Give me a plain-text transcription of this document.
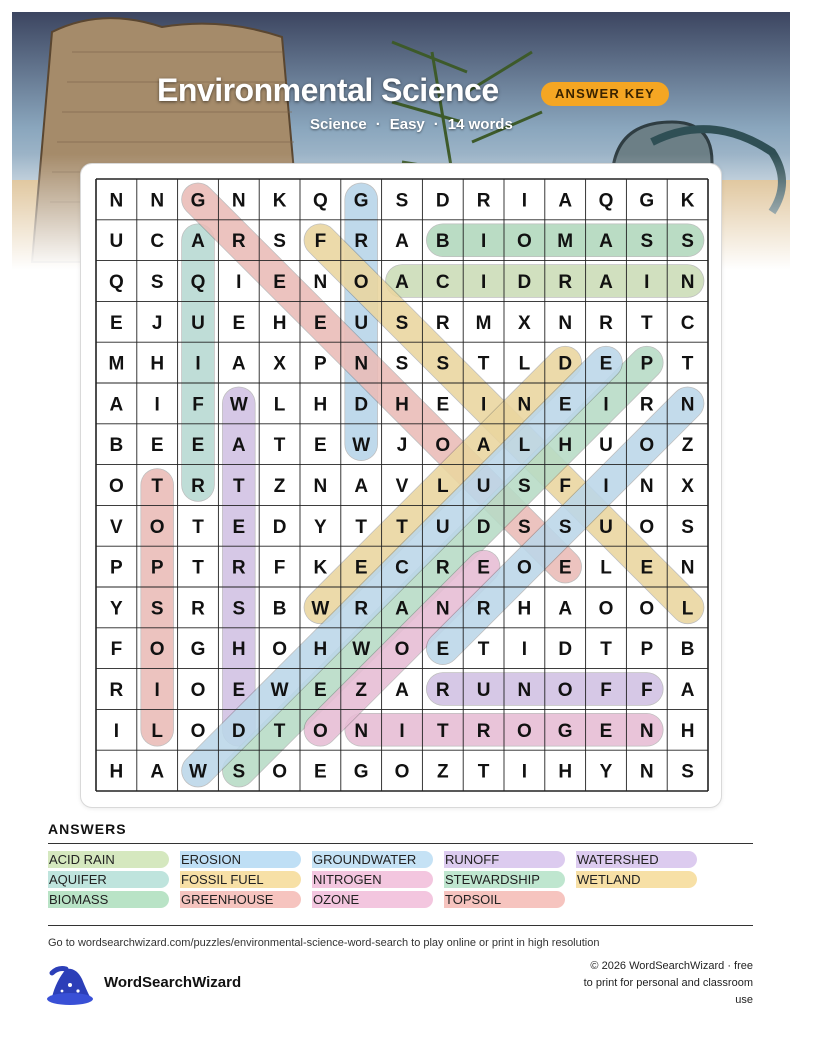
Environmental Science	ANSWER KEY
Science · Easy · 14 words
N N G N K Q G S D R I A Q G K
U C A R S F R A B I O M A S S
Q S Q I E N O A C I D R A I N
E J U E H E U S R M X N R T C
M H I A X P N S S T L D E P T
A I F W L H D H E I N E I R N
B E E A T E W J O A L H U O Z
O T R T Z N A V L U S F I N X
V O T E D Y T T U D S S U O S
P P T R F K E C R E O E L E N
Y S R S B W R A N R H A O O L
F O G H O H W O E T I D T P B
R I O E W E Z A R U N O F F A
I L O D T O N I T R O G E N H
H A W S O E G O Z T I H Y N S
ANSWERS
ACID RAIN
AQUIFER
BIOMASS
EROSION
FOSSIL FUEL
GREENHOUSE
GROUNDWATER
NITROGEN
OZONE
RUNOFF
STEWARDSHIP
TOPSOIL
WATERSHED
WETLAND
Go to wordsearchwizard.com/puzzles/environmental-science-word-search to play online or print in high resolution
WordSearchWizard
© 2026 WordSearchWizard · free to print for personal and classroom use
